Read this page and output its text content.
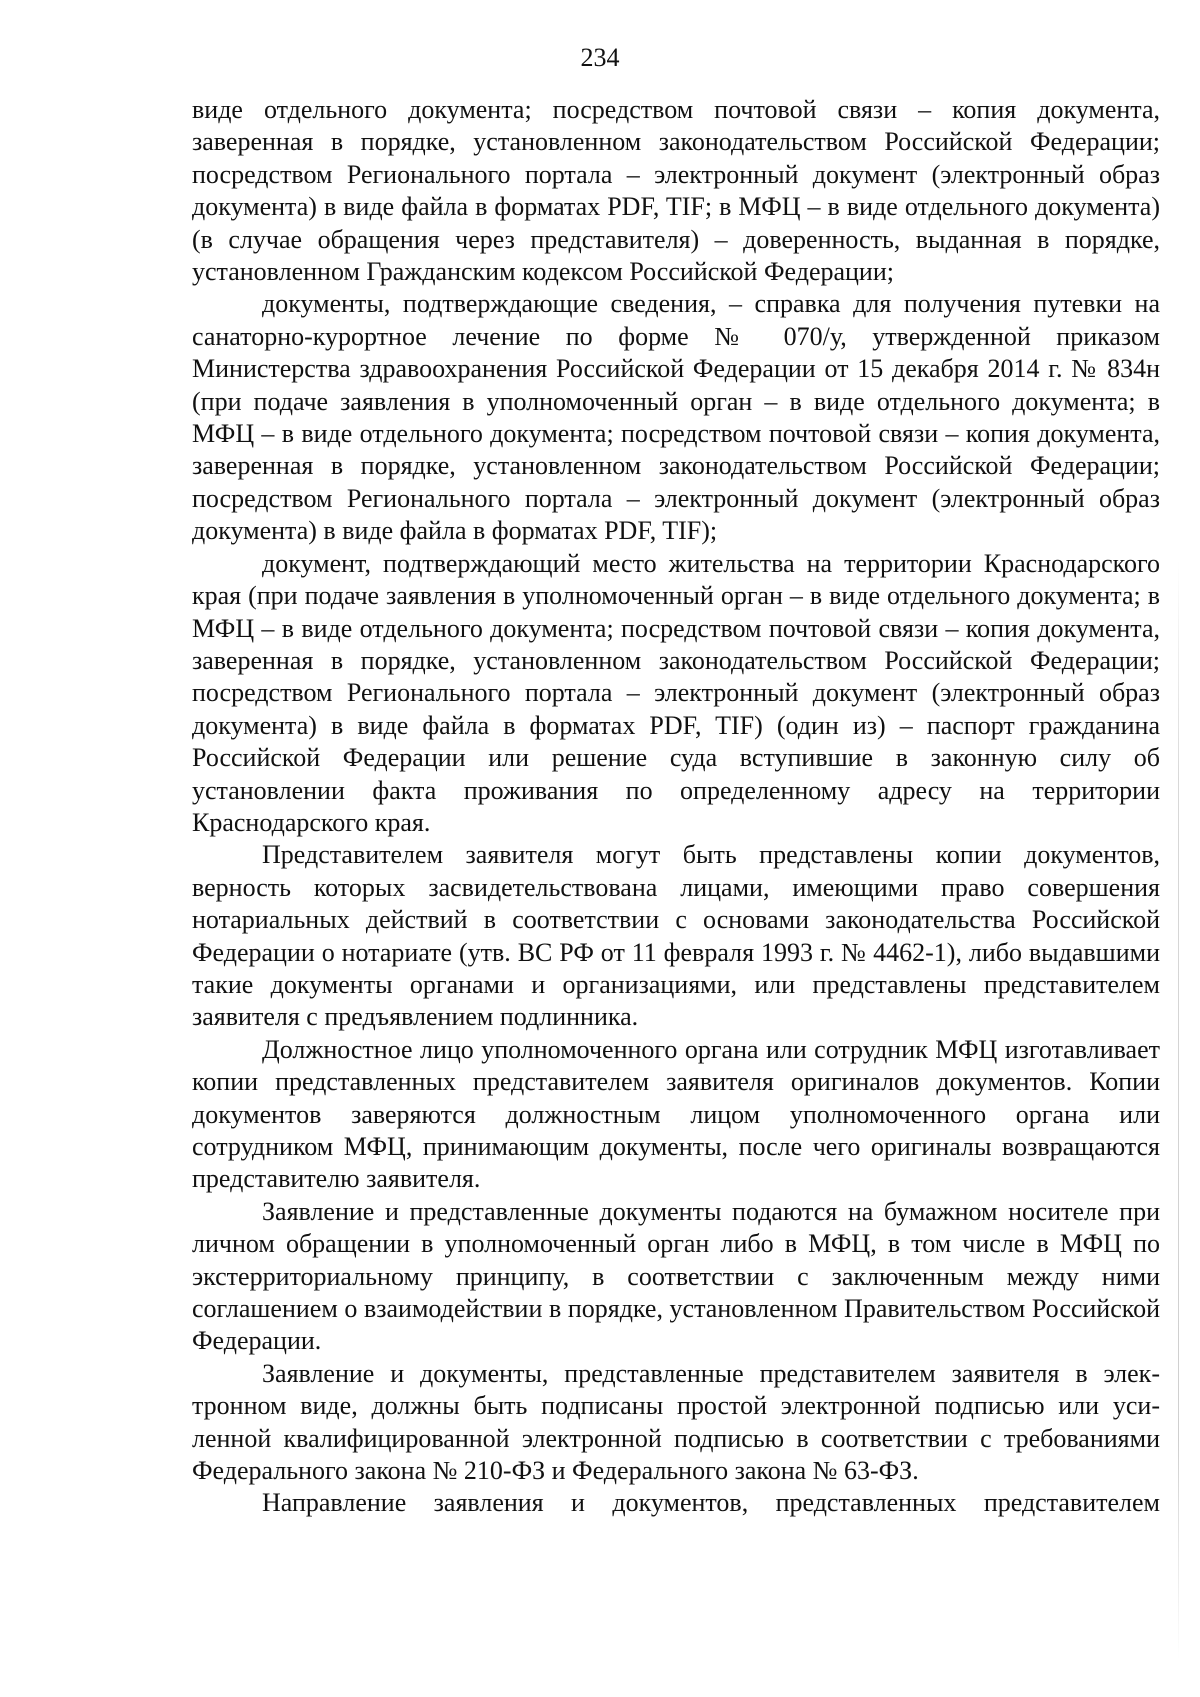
234

виде отдельного документа; посредством почтовой связи – копия документа, заверенная в порядке, установленном законодательством Российской Федерации; посредством Регионального портала – электронный документ (электронный образ документа) в виде файла в форматах PDF, TIF; в МФЦ – в виде отдельного документа) (в случае обращения через представителя) – доверенность, выданная в порядке, установленном Гражданским кодексом Российской Федерации;

документы, подтверждающие сведения, – справка для получения путевки на санаторно-курортное лечение по форме № 070/у, утвержденной приказом Министерства здравоохранения Российской Федерации от 15 декабря 2014 г. № 834н (при подаче заявления в уполномоченный орган – в виде отдельного документа; в МФЦ – в виде отдельного документа; посредством почтовой связи – копия документа, заверенная в порядке, установленном законодательством Российской Федерации; посредством Регионального портала – электронный документ (электронный образ документа) в виде файла в форматах PDF, TIF);

документ, подтверждающий место жительства на территории Краснодарского края (при подаче заявления в уполномоченный орган – в виде отдельного документа; в МФЦ – в виде отдельного документа; посредством почтовой связи – копия документа, заверенная в порядке, установленном законодательством Российской Федерации; посредством Регионального портала – электронный документ (электронный образ документа) в виде файла в форматах PDF, TIF) (один из) – паспорт гражданина Российской Федерации или решение суда вступившие в законную силу об установлении факта проживания по определенному адресу на территории Краснодарского края.

Представителем заявителя могут быть представлены копии документов, верность которых засвидетельствована лицами, имеющими право совершения нотариальных действий в соответствии с основами законодательства Российской Федерации о нотариате (утв. ВС РФ от 11 февраля 1993 г. № 4462-1), либо выдавшими такие документы органами и организациями, или представлены представителем заявителя с предъявлением подлинника.

Должностное лицо уполномоченного органа или сотрудник МФЦ изготавливает копии представленных представителем заявителя оригиналов документов. Копии документов заверяются должностным лицом уполномоченного органа или сотрудником МФЦ, принимающим документы, после чего оригиналы возвращаются представителю заявителя.

Заявление и представленные документы подаются на бумажном носителе при личном обращении в уполномоченный орган либо в МФЦ, в том числе в МФЦ по экстерриториальному принципу, в соответствии с заключенным между ними соглашением о взаимодействии в порядке, установленном Правительством Российской Федерации.

Заявление и документы, представленные представителем заявителя в электронном виде, должны быть подписаны простой электронной подписью или усиленной квалифицированной электронной подписью в соответствии с требованиями Федерального закона № 210-ФЗ и Федерального закона № 63-ФЗ.

Направление заявления и документов, представленных представителем
